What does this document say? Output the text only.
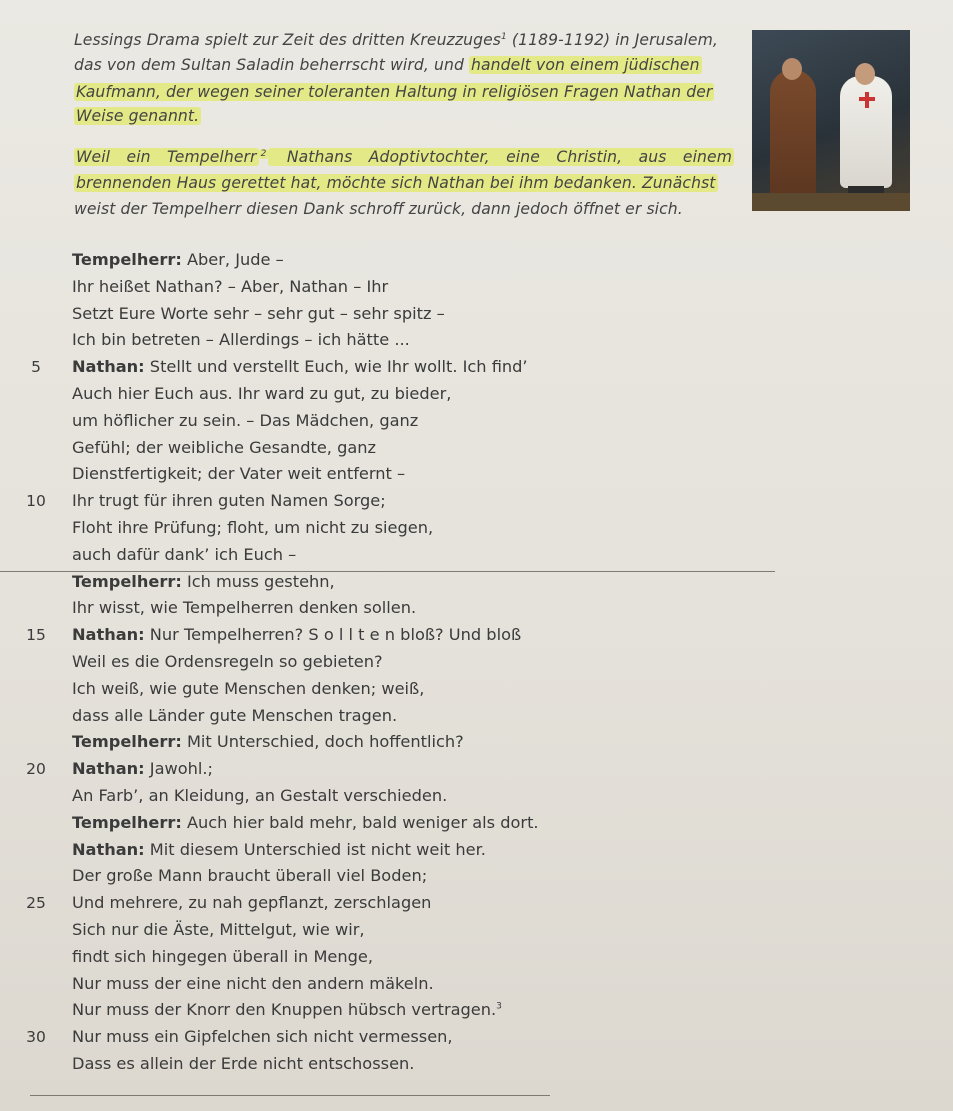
Lessings Drama spielt zur Zeit des dritten Kreuzzuges$^1$ (1189-1192) in Jerusalem,
das von dem Sultan Saladin beherrscht wird, und handelt von einem jüdischen
Kaufmann, der wegen seiner toleranten Haltung in religiösen Fragen Nathan der
Weise genannt.
Weil ein Tempelherr $^2$ Nathans Adoptivtochter, eine Christin, aus einem
brennenden Haus gerettet hat, möchte sich Nathan bei ihm bedanken. Zunächst
weist der Tempelherr diesen Dank schroff zurück, dann jedoch öffnet er sich.
Tempelherr: Aber, Jude –
Ihr heißet Nathan? – Aber, Nathan – Ihr
Setzt Eure Worte sehr – sehr gut – sehr spitz –
Ich bin betreten – Allerdings – ich hätte ...
5	Nathan: Stellt und verstellt Euch, wie Ihr wollt. Ich find’
Auch hier Euch aus. Ihr ward zu gut, zu bieder,
um höflicher zu sein. – Das Mädchen, ganz
Gefühl; der weibliche Gesandte, ganz
Dienstfertigkeit; der Vater weit entfernt –
10	Ihr trugt für ihren guten Namen Sorge;
Floht ihre Prüfung; floht, um nicht zu siegen,
auch dafür dank’ ich Euch –
Tempelherr: Ich muss gestehn,
Ihr wisst, wie Tempelherren denken sollen.
15	Nathan: Nur Tempelherren? S o l l t e n bloß? Und bloß
Weil es die Ordensregeln so gebieten?
Ich weiß, wie gute Menschen denken; weiß,
dass alle Länder gute Menschen tragen.
Tempelherr: Mit Unterschied, doch hoffentlich?
20	Nathan: Jawohl.;
An Farb’, an Kleidung, an Gestalt verschieden.
Tempelherr: Auch hier bald mehr, bald weniger als dort.
Nathan: Mit diesem Unterschied ist nicht weit her.
Der große Mann braucht überall viel Boden;
25	Und mehrere, zu nah gepflanzt, zerschlagen
Sich nur die Äste, Mittelgut, wie wir,
findt sich hingegen überall in Menge,
Nur muss der eine nicht den andern mäkeln.
Nur muss der Knorr den Knuppen hübsch vertragen.$^3$
30	Nur muss ein Gipfelchen sich nicht vermessen,
Dass es allein der Erde nicht entschossen.
